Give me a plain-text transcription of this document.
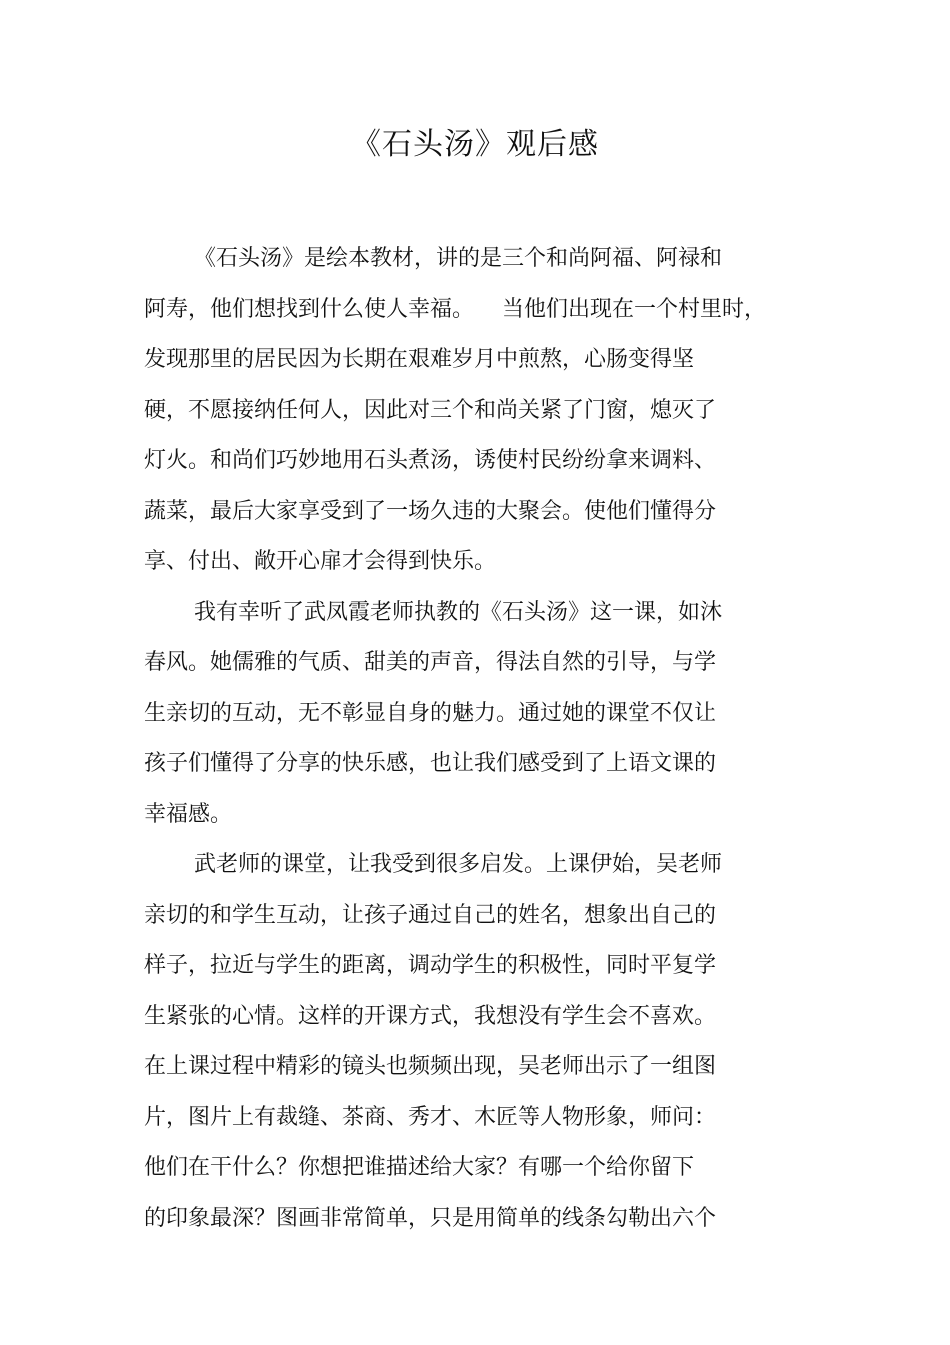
《石头汤》观后感
《石头汤》是绘本教材，讲的是三个和尚阿福、阿禄和
阿寿，他们想找到什么使人幸福。    当他们出现在一个村里时，
发现那里的居民因为长期在艰难岁月中煎熬，心肠变得坚
硬，不愿接纳任何人，因此对三个和尚关紧了门窗，熄灭了
灯火。和尚们巧妙地用石头煮汤，诱使村民纷纷拿来调料、
蔬菜，最后大家享受到了一场久违的大聚会。使他们懂得分
享、付出、敞开心扉才会得到快乐。
我有幸听了武凤霞老师执教的《石头汤》这一课，如沐
春风。她儒雅的气质、甜美的声音，得法自然的引导，与学
生亲切的互动，无不彰显自身的魅力。通过她的课堂不仅让
孩子们懂得了分享的快乐感，也让我们感受到了上语文课的
幸福感。
武老师的课堂，让我受到很多启发。上课伊始，吴老师
亲切的和学生互动，让孩子通过自己的姓名，想象出自己的
样子，拉近与学生的距离，调动学生的积极性，同时平复学
生紧张的心情。这样的开课方式，我想没有学生会不喜欢。
在上课过程中精彩的镜头也频频出现，吴老师出示了一组图
片，图片上有裁缝、茶商、秀才、木匠等人物形象，师问：
他们在干什么？你想把谁描述给大家？有哪一个给你留下
的印象最深？图画非常简单，只是用简单的线条勾勒出六个
